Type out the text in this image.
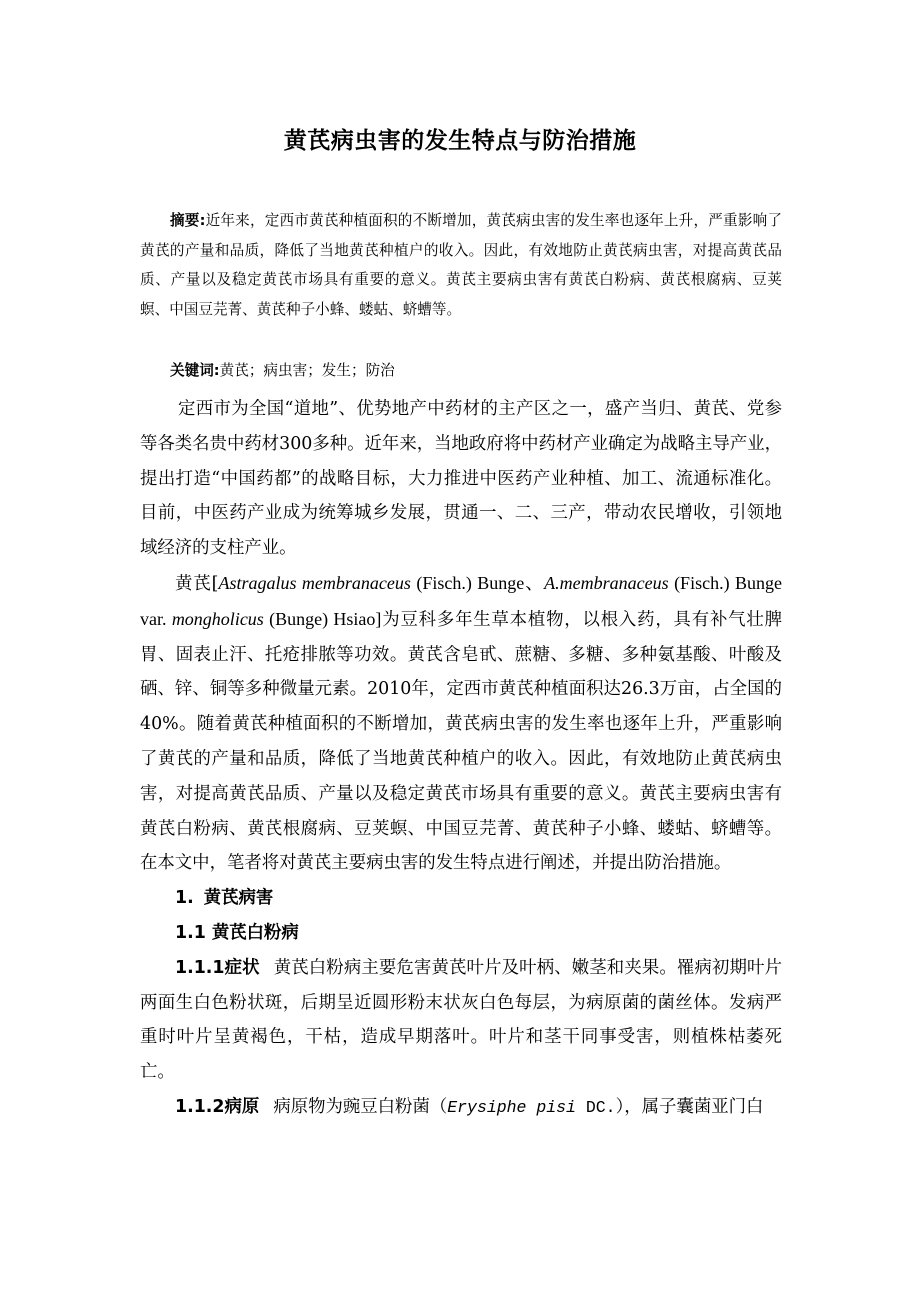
黄芪病虫害的发生特点与防治措施

摘要:近年来，定西市黄芪种植面积的不断增加，黄芪病虫害的发生率也逐年上升，严重影响了黄芪的产量和品质，降低了当地黄芪种植户的收入。因此，有效地防止黄芪病虫害，对提高黄芪品质、产量以及稳定黄芪市场具有重要的意义。黄芪主要病虫害有黄芪白粉病、黄芪根腐病、豆荚螟、中国豆芫菁、黄芪种子小蜂、蝼蛄、蛴螬等。

关键词:黄芪；病虫害；发生；防治

定西市为全国“道地”、优势地产中药材的主产区之一，盛产当归、黄芪、党参等各类名贵中药材300多种。近年来，当地政府将中药材产业确定为战略主导产业，提出打造“中国药都”的战略目标，大力推进中医药产业种植、加工、流通标准化。目前，中医药产业成为统筹城乡发展，贯通一、二、三产，带动农民增收，引领地域经济的支柱产业。

黄芪[Astragalus membranaceus (Fisch.) Bunge、A.membranaceus (Fisch.) Bunge var. mongholicus (Bunge) Hsiao]为豆科多年生草本植物，以根入药，具有补气壮脾胃、固表止汗、托疮排脓等功效。黄芪含皂甙、蔗糖、多糖、多种氨基酸、叶酸及硒、锌、铜等多种微量元素。2010年，定西市黄芪种植面积达26.3万亩，占全国的40%。随着黄芪种植面积的不断增加，黄芪病虫害的发生率也逐年上升，严重影响了黄芪的产量和品质，降低了当地黄芪种植户的收入。因此，有效地防止黄芪病虫害，对提高黄芪品质、产量以及稳定黄芪市场具有重要的意义。黄芪主要病虫害有黄芪白粉病、黄芪根腐病、豆荚螟、中国豆芫菁、黄芪种子小蜂、蝼蛄、蛴螬等。在本文中，笔者将对黄芪主要病虫害的发生特点进行阐述，并提出防治措施。

1. 黄芪病害

1.1 黄芪白粉病

1.1.1症状 黄芪白粉病主要危害黄芪叶片及叶柄、嫩茎和夹果。罹病初期叶片两面生白色粉状斑，后期呈近圆形粉末状灰白色每层，为病原菌的菌丝体。发病严重时叶片呈黄褐色，干枯，造成早期落叶。叶片和茎干同事受害，则植株枯萎死亡。

1.1.2病原 病原物为豌豆白粉菌（Erysiphe pisi DC.），属子囊菌亚门白
